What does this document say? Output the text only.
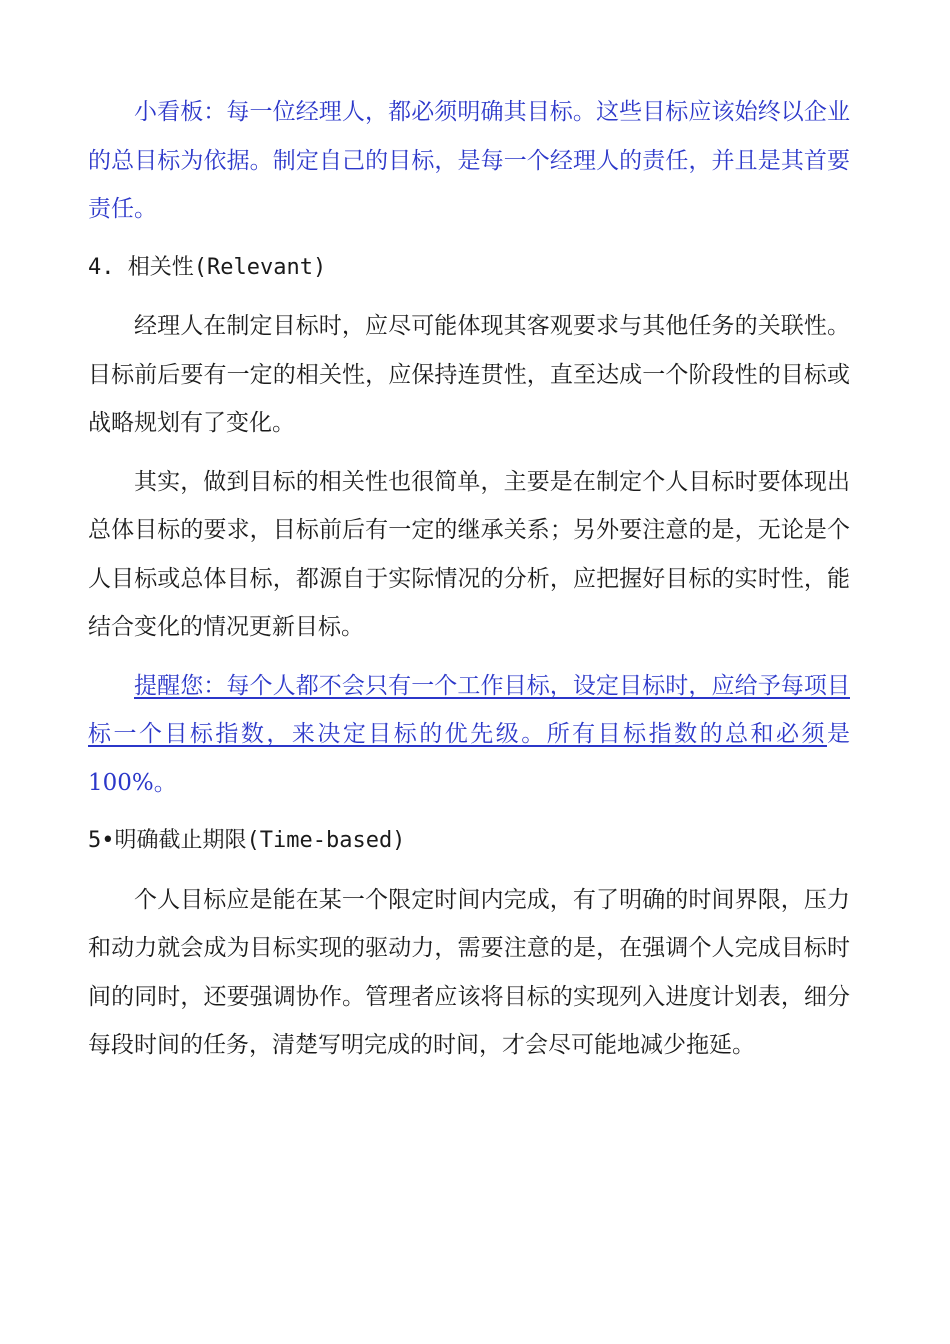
小看板：每一位经理人，都必须明确其目标。这些目标应该始终以企业的总目标为依据。制定自己的目标，是每一个经理人的责任，并且是其首要责任。

4. 相关性(Relevant)

经理人在制定目标时，应尽可能体现其客观要求与其他任务的关联性。目标前后要有一定的相关性，应保持连贯性，直至达成一个阶段性的目标或战略规划有了变化。

其实，做到目标的相关性也很简单，主要是在制定个人目标时要体现出总体目标的要求，目标前后有一定的继承关系；另外要注意的是，无论是个人目标或总体目标，都源自于实际情况的分析，应把握好目标的实时性，能结合变化的情况更新目标。

提醒您：每个人都不会只有一个工作目标，设定目标时，应给予每项目标一个目标指数，来决定目标的优先级。所有目标指数的总和必须是100%。

5•明确截止期限(Time-based)

个人目标应是能在某一个限定时间内完成，有了明确的时间界限，压力和动力就会成为目标实现的驱动力，需要注意的是，在强调个人完成目标时间的同时，还要强调协作。管理者应该将目标的实现列入进度计划表，细分每段时间的任务，清楚写明完成的时间，才会尽可能地减少拖延。
